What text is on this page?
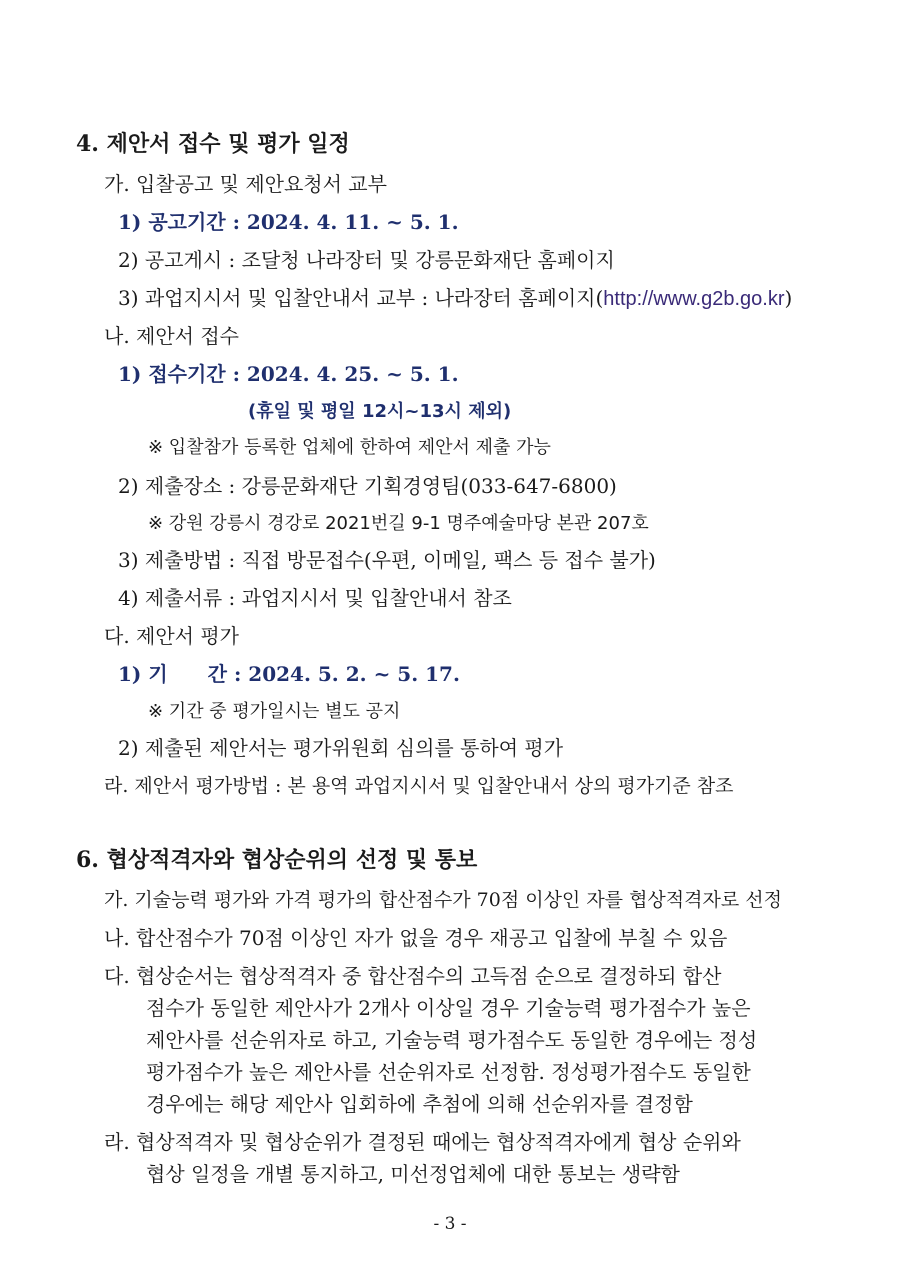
4. 제안서 접수 및 평가 일정
가. 입찰공고 및 제안요청서 교부
1) 공고기간 : 2024. 4. 11. ~ 5. 1.
2) 공고게시 : 조달청 나라장터 및 강릉문화재단 홈페이지
3) 과업지시서 및 입찰안내서 교부 : 나라장터 홈페이지(http://www.g2b.go.kr)
나. 제안서 접수
1) 접수기간 : 2024. 4. 25. ~ 5. 1.
(휴일 및 평일 12시~13시 제외)
※ 입찰참가 등록한 업체에 한하여 제안서 제출 가능
2) 제출장소 : 강릉문화재단 기획경영팀(033-647-6800)
※ 강원 강릉시 경강로 2021번길 9-1 명주예술마당 본관 207호
3) 제출방법 : 직접 방문접수(우편, 이메일, 팩스 등 접수 불가)
4) 제출서류 : 과업지시서 및 입찰안내서 참조
다. 제안서 평가
1) 기　　간 : 2024. 5. 2. ~ 5. 17.
※ 기간 중 평가일시는 별도 공지
2) 제출된 제안서는 평가위원회 심의를 통하여 평가
라. 제안서 평가방법 : 본 용역 과업지시서 및 입찰안내서 상의 평가기준 참조
6. 협상적격자와 협상순위의 선정 및 통보
가. 기술능력 평가와 가격 평가의 합산점수가 70점 이상인 자를 협상적격자로 선정
나. 합산점수가 70점 이상인 자가 없을 경우 재공고 입찰에 부칠 수 있음
다. 협상순서는 협상적격자 중 합산점수의 고득점 순으로 결정하되 합산
점수가 동일한 제안사가 2개사 이상일 경우 기술능력 평가점수가 높은
제안사를 선순위자로 하고, 기술능력 평가점수도 동일한 경우에는 정성
평가점수가 높은 제안사를 선순위자로 선정함. 정성평가점수도 동일한
경우에는 해당 제안사 입회하에 추첨에 의해 선순위자를 결정함
라. 협상적격자 및 협상순위가 결정된 때에는 협상적격자에게 협상 순위와
협상 일정을 개별 통지하고, 미선정업체에 대한 통보는 생략함
- 3 -
